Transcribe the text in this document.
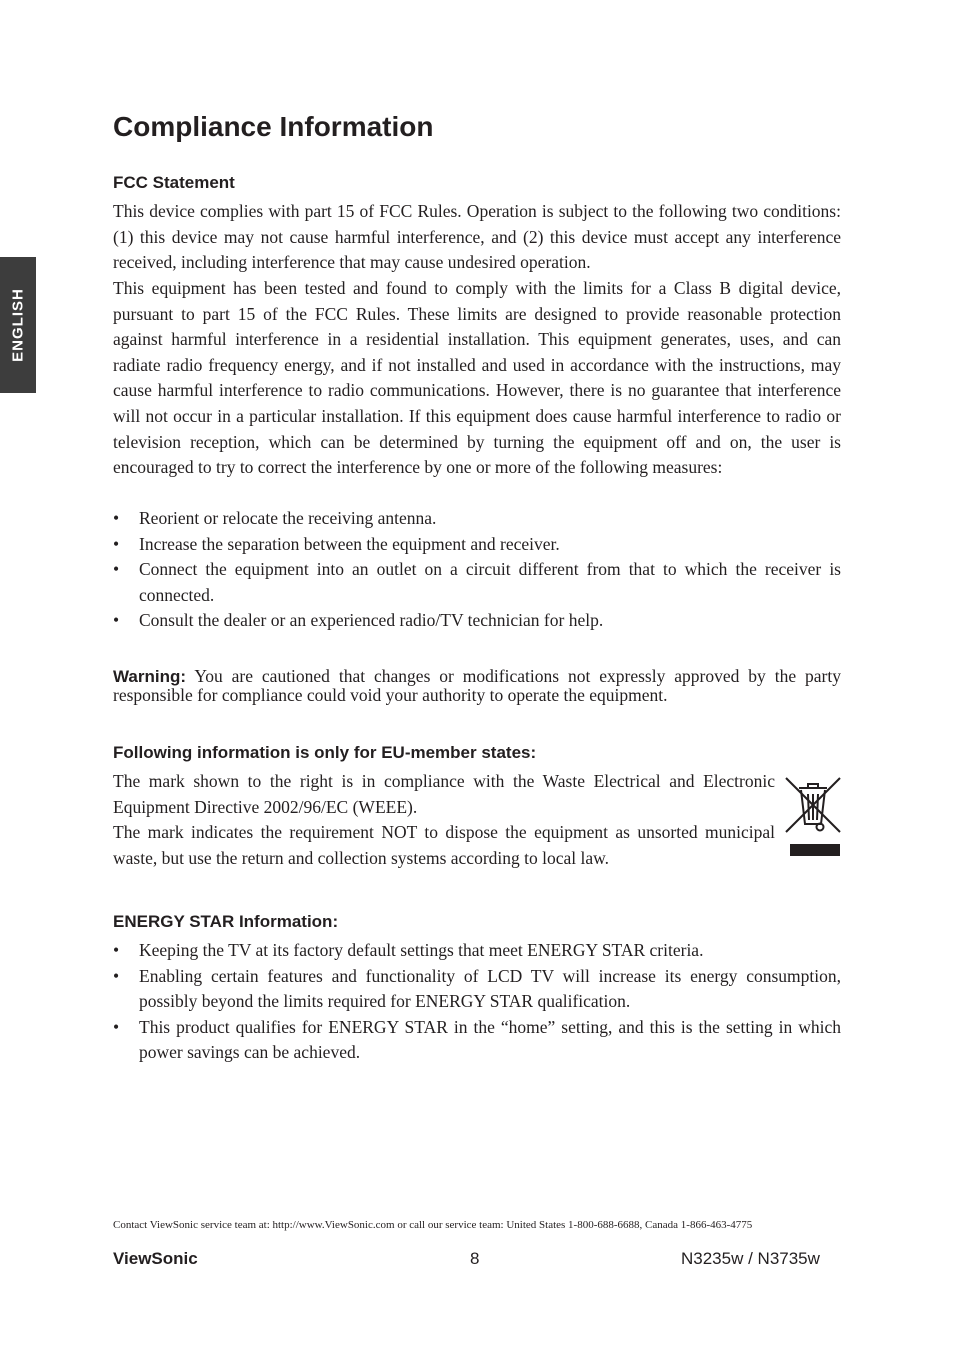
ENGLISH
Compliance Information
FCC Statement

This device complies with part 15 of FCC Rules. Operation is subject to the following two conditions: (1) this device may not cause harmful interference, and (2) this device must accept any interference received, including interference that may cause undesired operation.

This equipment has been tested and found to comply with the limits for a Class B digital device, pursuant to part 15 of the FCC Rules. These limits are designed to provide reasonable protection against harmful interference in a residential installation. This equipment generates, uses, and can radiate radio frequency energy, and if not installed and used in accordance with the instructions, may cause harmful interference to radio communications. However, there is no guarantee that interference will not occur in a particular installation. If this equipment does cause harmful interference to radio or television reception, which can be determined by turning the equipment off and on, the user is encouraged to try to correct the interference by one or more of the following measures:

• Reorient or relocate the receiving antenna.
• Increase the separation between the equipment and receiver.
• Connect the equipment into an outlet on a circuit different from that to which the receiver is connected.
• Consult the dealer or an experienced radio/TV technician for help.
Warning: You are cautioned that changes or modifications not expressly approved by the party responsible for compliance could void your authority to operate the equipment.
Following information is only for EU-member states:
The mark shown to the right is in compliance with the Waste Electrical and Electronic Equipment Directive 2002/96/EC (WEEE).
The mark indicates the requirement NOT to dispose the equipment as unsorted municipal waste, but use the return and collection systems according to local law.
ENERGY STAR Information:
• Keeping the TV at its factory default settings that meet ENERGY STAR criteria.
• Enabling certain features and functionality of LCD TV will increase its energy consumption, possibly beyond the limits required for ENERGY STAR qualification.
• This product qualifies for ENERGY STAR in the “home” setting, and this is the setting in which power savings can be achieved.
Contact ViewSonic service team at: http://www.ViewSonic.com or call our service team: United States 1-800-688-6688, Canada 1-866-463-4775
ViewSonic	8	N3235w / N3735w
